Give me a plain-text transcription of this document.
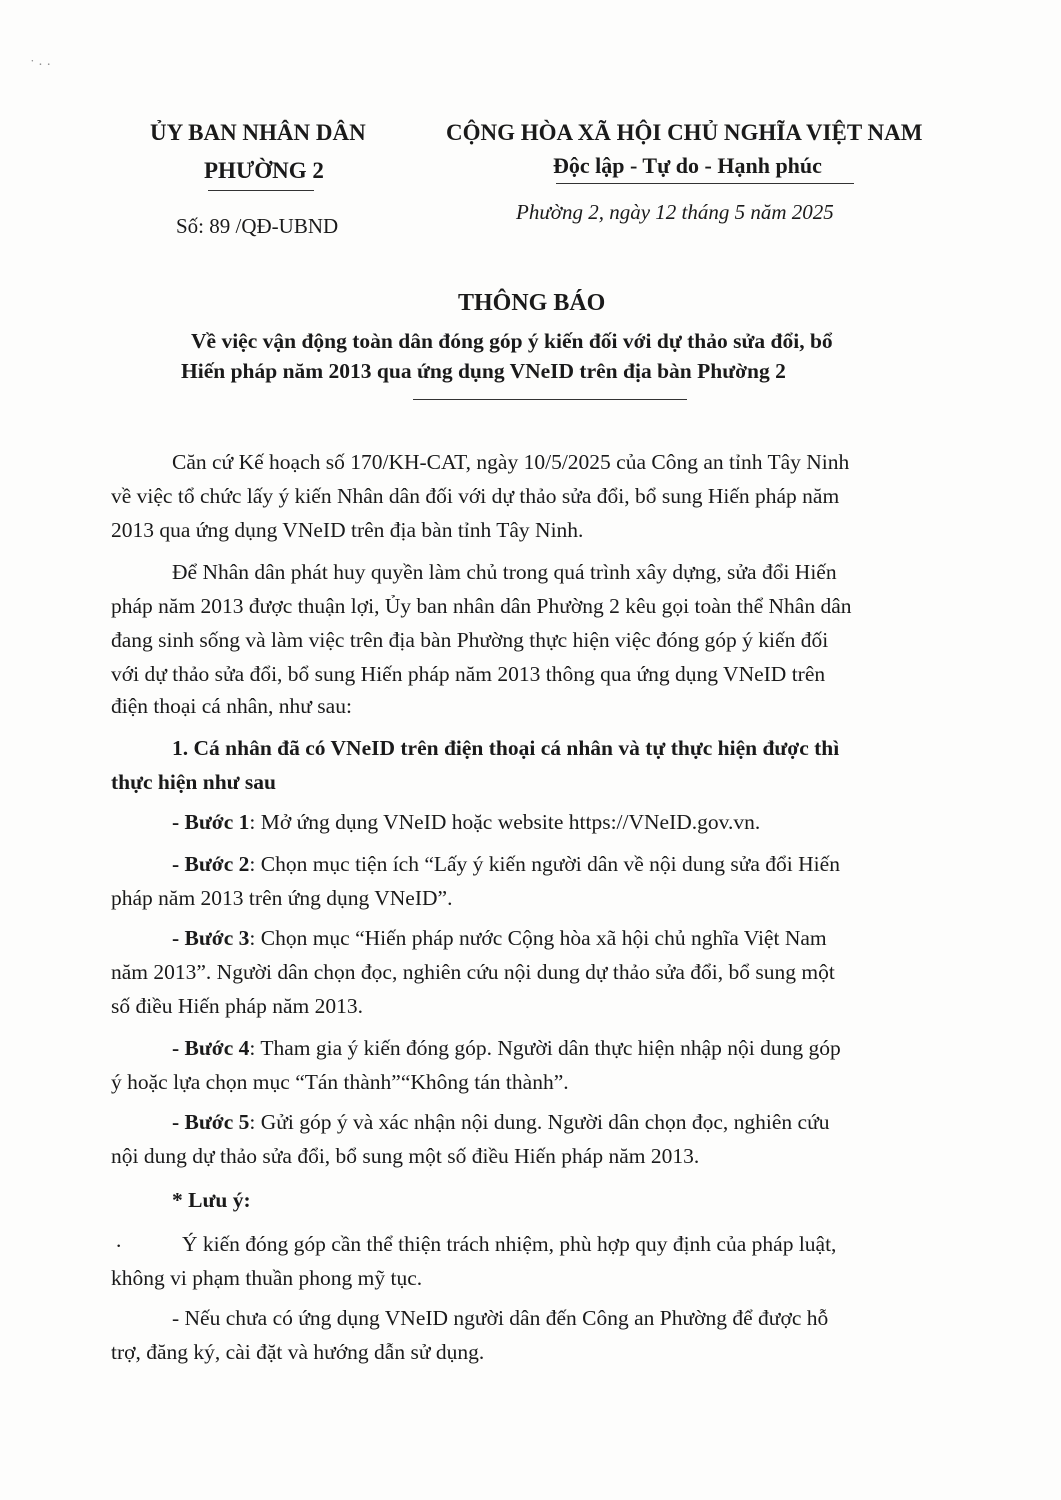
˙ · ·
ỦY BAN NHÂN DÂN
PHƯỜNG 2
Số: 89 /QĐ-UBND
CỘNG HÒA XÃ HỘI CHỦ NGHĨA VIỆT NAM
Độc lập - Tự do - Hạnh phúc
Phường 2, ngày 12 tháng 5 năm 2025
THÔNG BÁO
Về việc vận động toàn dân đóng góp ý kiến đối với dự thảo sửa đổi, bổ
Hiến pháp năm 2013 qua ứng dụng VNeID trên địa bàn Phường 2
Căn cứ Kế hoạch số 170/KH-CAT, ngày 10/5/2025 của Công an tỉnh Tây Ninh
về việc tổ chức lấy ý kiến Nhân dân đối với dự thảo sửa đổi, bổ sung Hiến pháp năm
2013 qua ứng dụng VNeID trên địa bàn tỉnh Tây Ninh.
Để Nhân dân phát huy quyền làm chủ trong quá trình xây dựng, sửa đổi Hiến
pháp năm 2013 được thuận lợi, Ủy ban nhân dân Phường 2 kêu gọi toàn thể Nhân dân
đang sinh sống và làm việc trên địa bàn Phường thực hiện việc đóng góp ý kiến đối
với dự thảo sửa đổi, bổ sung Hiến pháp năm 2013 thông qua ứng dụng VNeID trên
điện thoại cá nhân, như sau:
1. Cá nhân đã có VNeID trên điện thoại cá nhân và tự thực hiện được thì
thực hiện như sau
- Bước 1: Mở ứng dụng VNeID hoặc website https://VNeID.gov.vn.
- Bước 2: Chọn mục tiện ích “Lấy ý kiến người dân về nội dung sửa đổi Hiến
pháp năm 2013 trên ứng dụng VNeID”.
- Bước 3: Chọn mục “Hiến pháp nước Cộng hòa xã hội chủ nghĩa Việt Nam
năm 2013”. Người dân chọn đọc, nghiên cứu nội dung dự thảo sửa đổi, bổ sung một
số điều Hiến pháp năm 2013.
- Bước 4: Tham gia ý kiến đóng góp. Người dân thực hiện nhập nội dung góp
ý hoặc lựa chọn mục “Tán thành”“Không tán thành”.
- Bước 5: Gửi góp ý và xác nhận nội dung. Người dân chọn đọc, nghiên cứu
nội dung dự thảo sửa đổi, bổ sung một số điều Hiến pháp năm 2013.
* Lưu ý:
.	Ý kiến đóng góp cần thể thiện trách nhiệm, phù hợp quy định của pháp luật,
không vi phạm thuần phong mỹ tục.
- Nếu chưa có ứng dụng VNeID người dân đến Công an Phường để được hỗ
trợ, đăng ký, cài đặt và hướng dẫn sử dụng.
